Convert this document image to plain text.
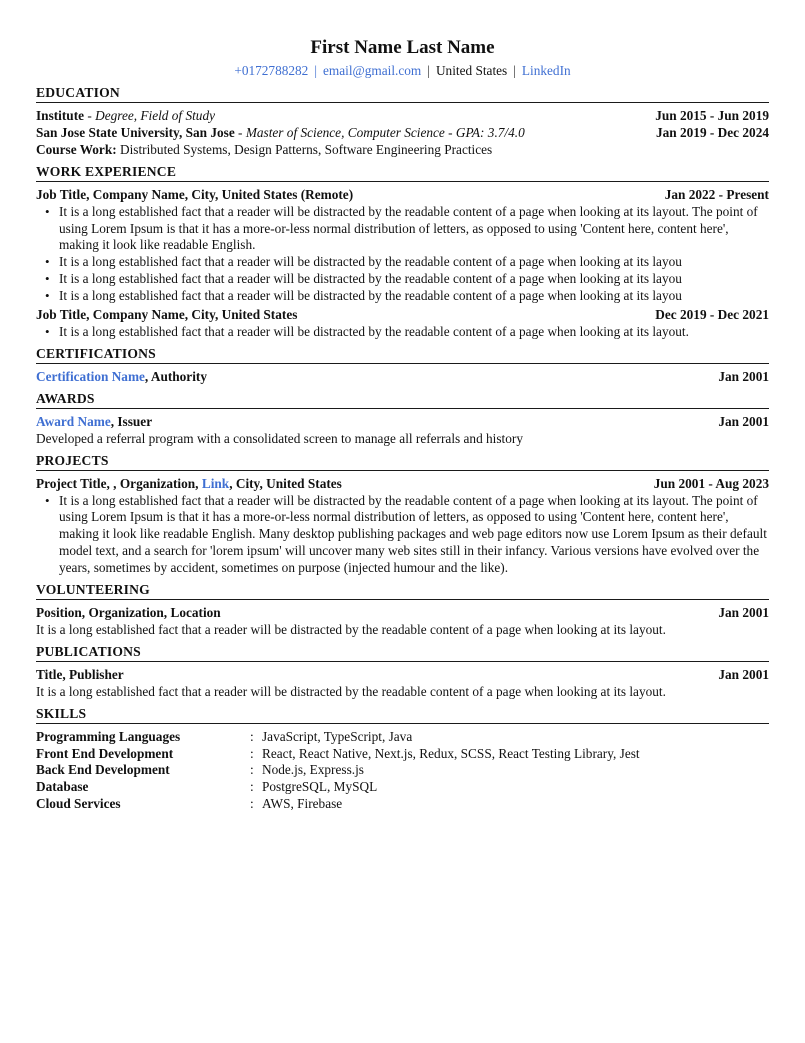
First Name Last Name
+0172788282 | email@gmail.com | United States | LinkedIn
EDUCATION
Institute - Degree, Field of Study	Jun 2015 - Jun 2019
San Jose State University, San Jose - Master of Science, Computer Science - GPA: 3.7/4.0	Jan 2019 - Dec 2024
Course Work: Distributed Systems, Design Patterns, Software Engineering Practices
WORK EXPERIENCE
Job Title, Company Name, City, United States (Remote)	Jan 2022 - Present
• It is a long established fact that a reader will be distracted by the readable content of a page when looking at its layout. The point of using Lorem Ipsum is that it has a more-or-less normal distribution of letters, as opposed to using 'Content here, content here', making it look like readable English.
• It is a long established fact that a reader will be distracted by the readable content of a page when looking at its layou
• It is a long established fact that a reader will be distracted by the readable content of a page when looking at its layou
• It is a long established fact that a reader will be distracted by the readable content of a page when looking at its layou
Job Title, Company Name, City, United States	Dec 2019 - Dec 2021
• It is a long established fact that a reader will be distracted by the readable content of a page when looking at its layout.
CERTIFICATIONS
Certification Name, Authority	Jan 2001
AWARDS
Award Name, Issuer	Jan 2001
Developed a referral program with a consolidated screen to manage all referrals and history
PROJECTS
Project Title, , Organization, Link, City, United States	Jun 2001 - Aug 2023
• It is a long established fact that a reader will be distracted by the readable content of a page when looking at its layout. The point of using Lorem Ipsum is that it has a more-or-less normal distribution of letters, as opposed to using 'Content here, content here', making it look like readable English. Many desktop publishing packages and web page editors now use Lorem Ipsum as their default model text, and a search for 'lorem ipsum' will uncover many web sites still in their infancy. Various versions have evolved over the years, sometimes by accident, sometimes on purpose (injected humour and the like).
VOLUNTEERING
Position, Organization, Location	Jan 2001
It is a long established fact that a reader will be distracted by the readable content of a page when looking at its layout.
PUBLICATIONS
Title, Publisher	Jan 2001
It is a long established fact that a reader will be distracted by the readable content of a page when looking at its layout.
SKILLS
Programming Languages	: JavaScript, TypeScript, Java
Front End Development	: React, React Native, Next.js, Redux, SCSS, React Testing Library, Jest
Back End Development	: Node.js, Express.js
Database	: PostgreSQL, MySQL
Cloud Services	: AWS, Firebase
